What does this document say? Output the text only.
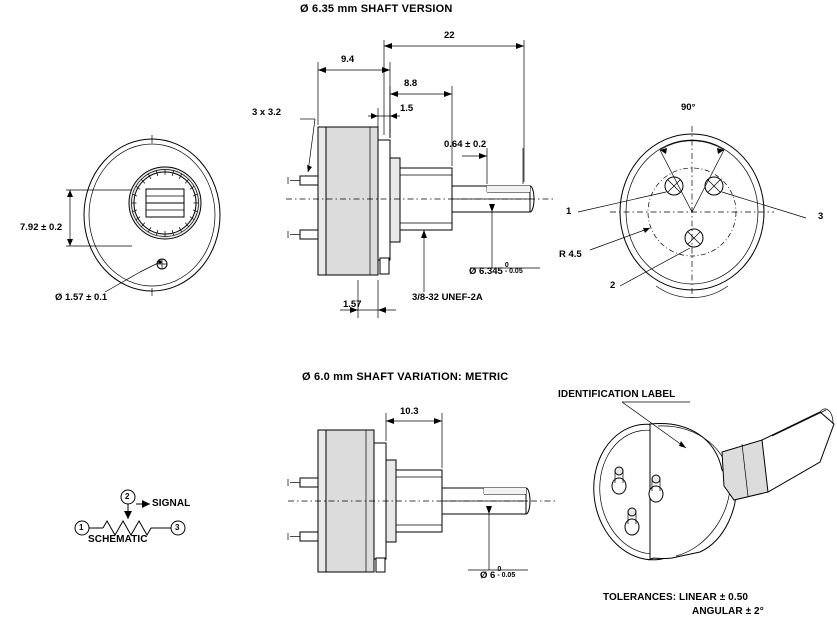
Ø 6.35 mm SHAFT VERSION
7.92 ± 0.2
Ø 1.57 ± 0.1
22
9.4
8.8
1.5
3 x 3.2
0.64 ± 0.2
1.57
3/8-32 UNEF-2A
Ø 6.345
0
- 0.05
90°
R 4.5
1
2
3
Ø 6.0 mm SHAFT VARIATION: METRIC
10.3
Ø 6
0
- 0.05
1	3
2
SIGNAL
SCHEMATIC
IDENTIFICATION LABEL
TOLERANCES: LINEAR ± 0.50
ANGULAR ± 2°
